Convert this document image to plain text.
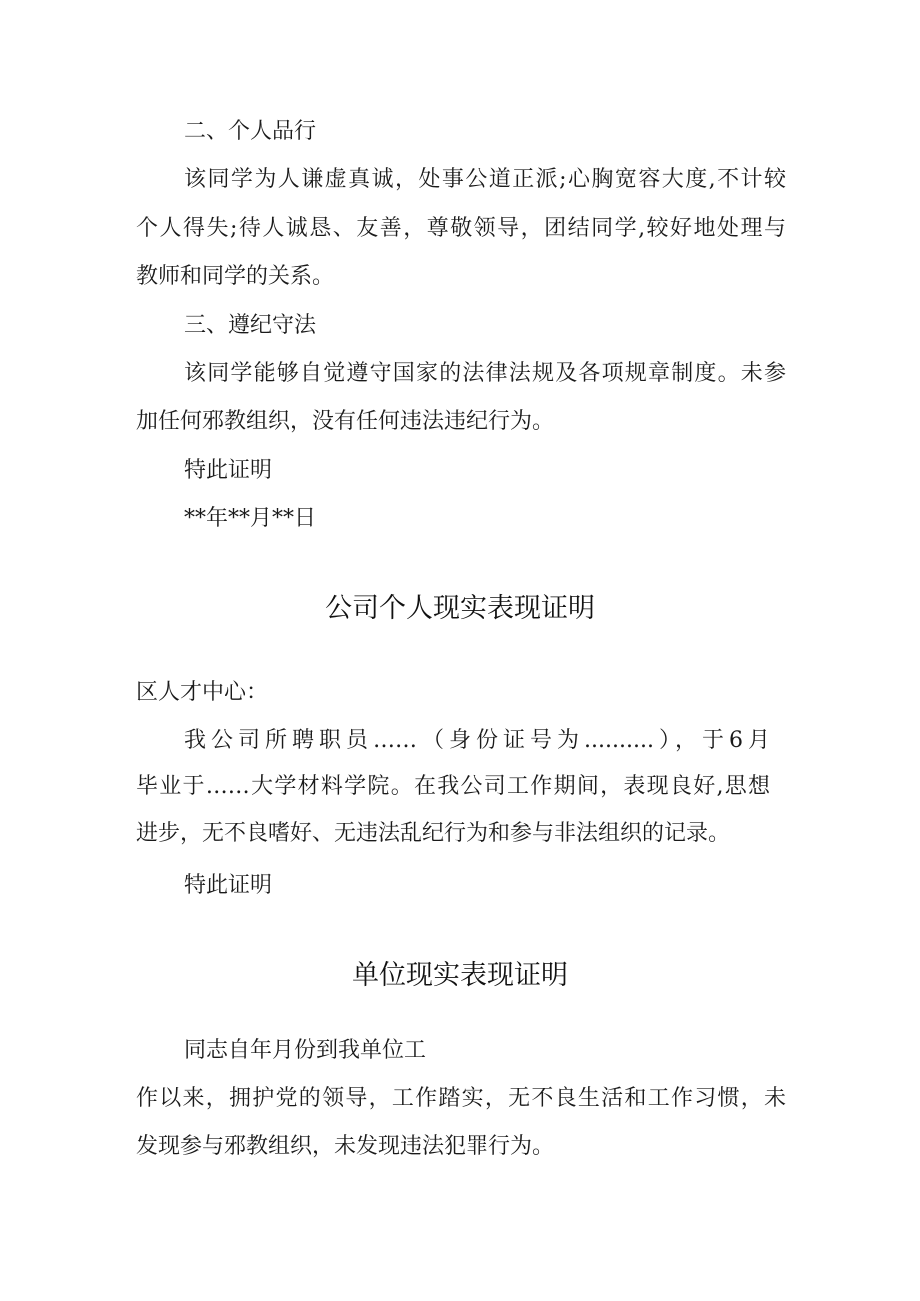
二、个人品行
该同学为人谦虚真诚，处事公道正派;心胸宽容大度,不计较
个人得失;待人诚恳、友善，尊敬领导，团结同学,较好地处理与
教师和同学的关系。
三、遵纪守法
该同学能够自觉遵守国家的法律法规及各项规章制度。未参
加任何邪教组织，没有任何违法违纪行为。
特此证明
**年**月**日
公司个人现实表现证明
区人才中心：
我公司所聘职员……（身份证号为..........），于6月
毕业于……大学材料学院。在我公司工作期间，表现良好,思想
进步，无不良嗜好、无违法乱纪行为和参与非法组织的记录。
特此证明
单位现实表现证明
同志自年月份到我单位工
作以来，拥护党的领导，工作踏实，无不良生活和工作习惯，未
发现参与邪教组织，未发现违法犯罪行为。
